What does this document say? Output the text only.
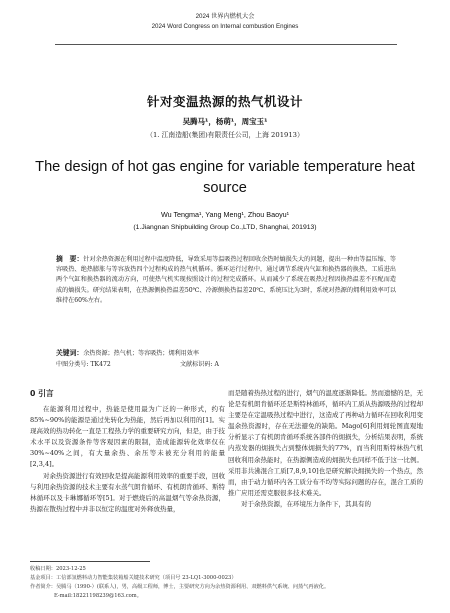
2024 世界内燃机大会
2024 Word Congress on Internal combustion Engines
针对变温热源的热气机设计
吴腾马¹，杨萌¹，周宝玉¹
（1. 江南造船(集团)有限责任公司，上海 201913）
The design of hot gas engine for variable temperature heat source
Wu Tengma¹, Yang Meng¹, Zhou Baoyu¹
(1.Jiangnan Shipbuilding Group Co.,LTD, Shanghai, 201913)
摘　要：针对余热资源在利用过程中温度降低，导致采用等温吸热过程回收余热时熵损失大的问题，提出一种由等温压缩、等容吸热、绝热膨胀与等容放热四个过程构成的热气机循环。循环运行过程中，通过调节系统内气缸和换热器的换热，工质进出两个气缸和换热器的流动方向，可使热气机实现按照设计的过程完成循环。从而减少了系统在吸热过程因换热温差不匹配而造成的熵损失。研究结果表明，在热源侧换热温差50℃、冷源侧换热温差20℃、系统压比为3时，系统对热源的㶲利用效率可以维持在60%左右。
关键词：余热资源；热气机；等容吸热；㶲利用效率
中图分类号: TK472	文献标识码: A
0 引言

在能源利用过程中，热能是使用最为广泛的一种形式，约有85%~90%的能源是通过先转化为热能，然后再加以利用的[1]。实现高效的热功转化一直是工程热力学的重要研究方向，但是，由于技术水平以及资源条件等客观因素的限制，造成能源转化效率仅在30%~40%之间，有大量余热、余压等未被充分利用的能量[2,3,4]。

对余热资源进行有效回收是提高能源利用效率的重要手段，回收与利用余热资源的技术主要有水蒸气朗肯循环、有机朗肯循环、斯特林循环以及卡琳娜循环等[5]。对于燃烧后的高温烟气等余热资源，热源在散热过程中并非以恒定的温度对外释放热量，

而是随着热热过程的进行，烟气的温度逐渐降低。然而遗憾的是，无论是有机朗肯循环还是斯特林循环，循环内工质从热源吸热的过程却主要是在定温吸热过程中进行，这造成了再种动力循环在回收利用变温余热资源时，存在无法避免的缺陷。Mago[6]利用㶲轮图直观地分析显示了有机朗肯循环系统各部件的㶲损失，分析结果表明，系统内蒸发器的㶲损失占到整体㶲损失的77%，而当利用斯特林热气机回收利用余热能时，在热源侧造成的㶲损失也同样不低于这一比例。采用非共沸混合工质[7,8,9,10]也是研究解决㶲损失的一个热点，然而，由于动力循环内各工质分布不均等实际问题的存在，混合工质的推广应用还需克服很多技术难关。

对于余热资源，在环境压力条件下，其具有的

收稿日期：2023-12-25
基金项目：工信部氢燃料动力智能集装箱船关键技术研究（项目号 23-LQ1-3000-0023）
作者简介：吴腾马（1990-）(联系人)，男，高级工程师，博士，主要研究方向为余热资源利用、双燃料供气系统、问蒸气再液化。
E-mail:18221198239@163.com。
